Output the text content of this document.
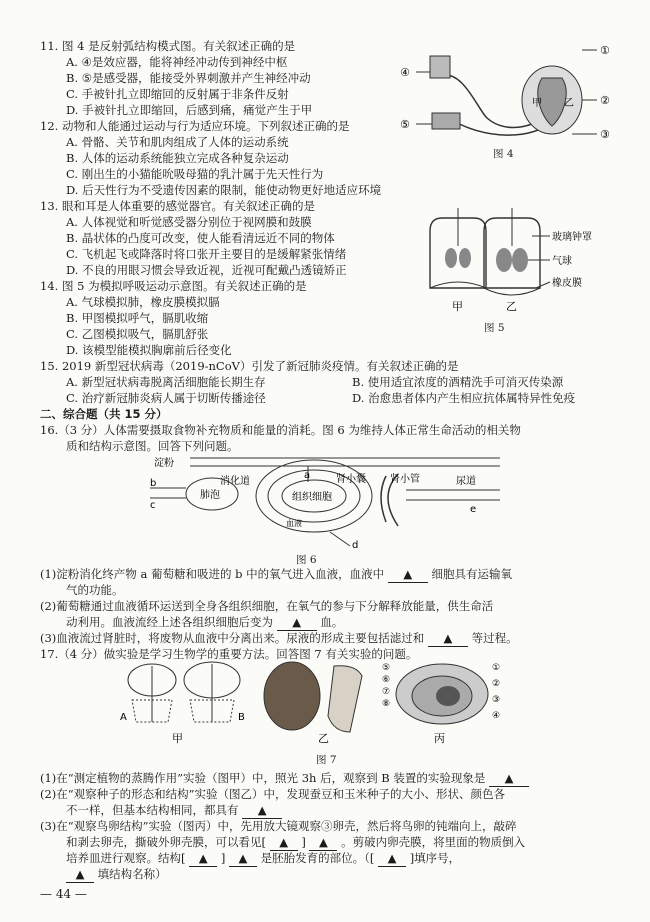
11. 图 4 是反射弧结构模式图。有关叙述正确的是
A. ④是效应器，能将神经冲动传到神经中枢
B. ⑤是感受器，能接受外界刺激并产生神经冲动
C. 手被针扎立即缩回的反射属于非条件反射
D. 手被针扎立即缩回，后感到痛，痛觉产生于甲
①
②
③
④
⑤
甲 乙
图 4
12. 动物和人能通过运动与行为适应环境。下列叙述正确的是
A. 骨骼、关节和肌肉组成了人体的运动系统
B. 人体的运动系统能独立完成各种复杂运动
C. 刚出生的小猫能吮吸母猫的乳汁属于先天性行为
D. 后天性行为不受遗传因素的限制，能使动物更好地适应环境
13. 眼和耳是人体重要的感觉器官。有关叙述正确的是
A. 人体视觉和听觉感受器分别位于视网膜和鼓膜
B. 晶状体的凸度可改变，使人能看清远近不同的物体
C. 飞机起飞或降落时将口张开主要目的是缓解紧张情绪
D. 不良的用眼习惯会导致近视，近视可配戴凸透镜矫正
玻璃钟罩
气球
橡皮膜
甲	乙
图 5
14. 图 5 为模拟呼吸运动示意图。有关叙述正确的是
A. 气球模拟肺，橡皮膜模拟膈
B. 甲图模拟呼气，膈肌收缩
C. 乙图模拟吸气，膈肌舒张
D. 该模型能模拟胸廓前后径变化
15. 2019 新型冠状病毒（2019-nCoV）引发了新冠肺炎疫情。有关叙述正确的是
A. 新型冠状病毒脱离活细胞能长期生存	B. 使用适宜浓度的酒精洗手可消灭传染源
C. 治疗新冠肺炎病人属于切断传播途径	D. 治愈患者体内产生相应抗体属特异性免疫
二、综合题（共 15 分）
16.（3 分）人体需要摄取食物补充物质和能量的消耗。图 6 为维持人体正常生命活动的相关物
质和结构示意图。回答下列问题。
淀粉
a
消化道
肺泡
b
c
组织细胞
血液
肾小囊 肾小管	尿道
e
d
图 6
(1)淀粉消化终产物 a 葡萄糖和吸进的 b 中的氧气进入血液，血液中 ▲ 细胞具有运输氧
气的功能。
(2)葡萄糖通过血液循环运送到全身各组织细胞，在氧气的参与下分解释放能量，供生命活
动利用。血液流经上述各组织细胞后变为 ▲ 血。
(3)血液流过肾脏时，将废物从血液中分离出来。尿液的形成主要包括滤过和 ▲ 等过程。
17.（4 分）做实验是学习生物学的重要方法。回答图 7 有关实验的问题。
A	B
甲	乙
⑤
⑥
⑦
⑧
①
②
③
④
丙
图 7
(1)在“测定植物的蒸腾作用”实验（图甲）中，照光 3h 后，观察到 B 装置的实验现象是 ▲
(2)在“观察种子的形态和结构”实验（图乙）中，发现蚕豆和玉米种子的大小、形状、颜色各
不一样，但基本结构相同，都具有 ▲
(3)在“观察鸟卵结构”实验（图丙）中，先用放大镜观察③卵壳，然后将鸟卵的钝端向上，敲碎
和剥去卵壳，撕破外卵壳膜，可以看见[ ▲ ] ▲ 。剪破内卵壳膜，将里面的物质倒入
培养皿进行观察。结构[ ▲ ] ▲ 是胚胎发育的部位。（[ ▲ ]填序号，
▲ 填结构名称）
— 44 —
